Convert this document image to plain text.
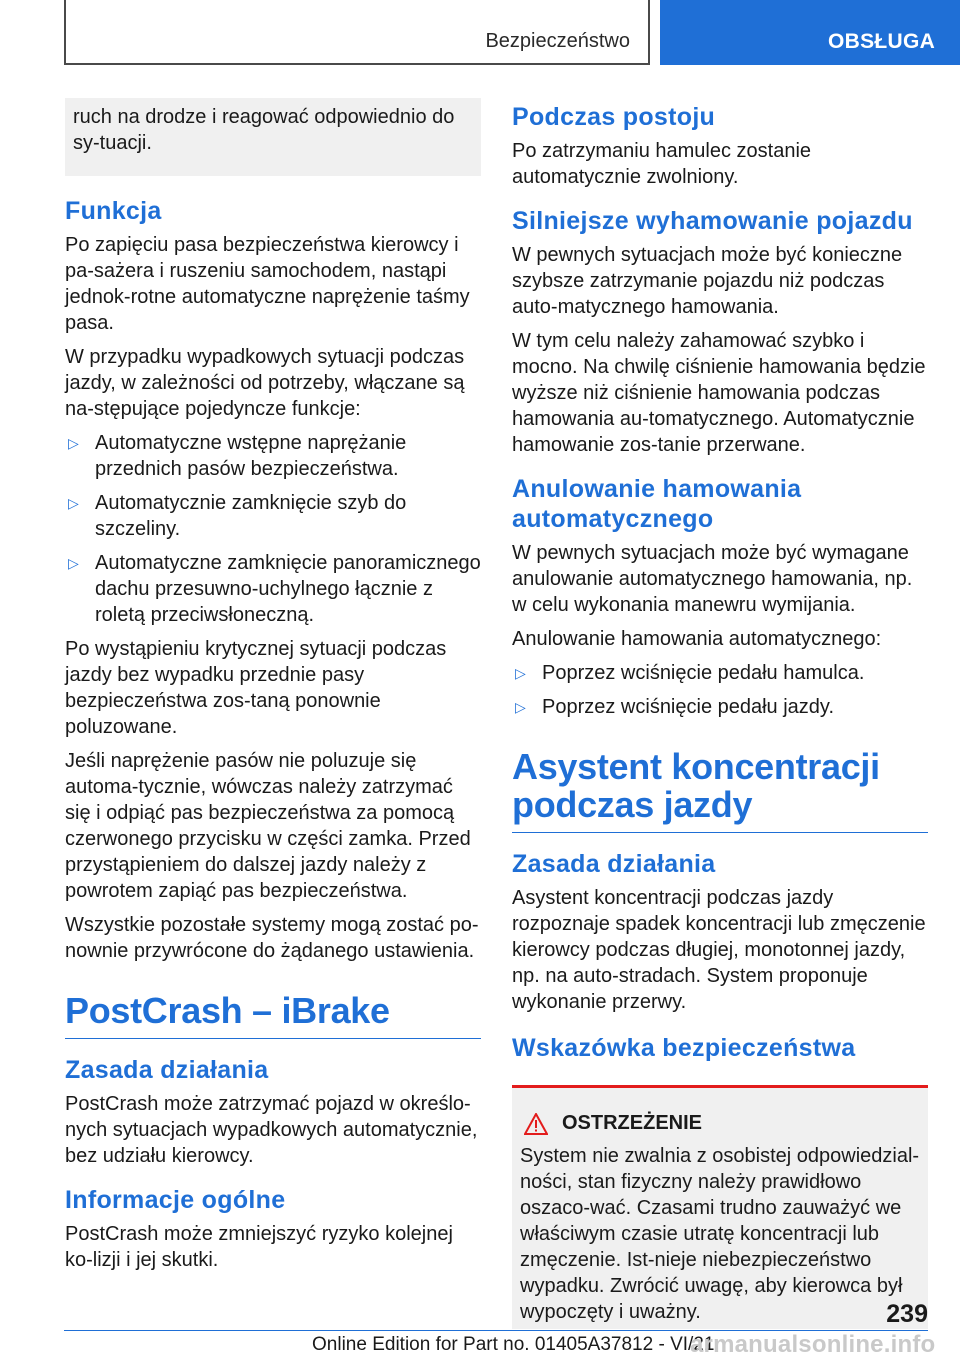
Bezpieczeństwo	OBSŁUGA

ruch na drodze i reagować odpowiednio do sy-tuacji.

Funkcja

Po zapięciu pasa bezpieczeństwa kierowcy i pa-sażera i ruszeniu samochodem, nastąpi jednok-rotne automatyczne naprężenie taśmy pasa.

W przypadku wypadkowych sytuacji podczas jazdy, w zależności od potrzeby, włączane są na-stępujące pojedyncze funkcje:

▷ Automatyczne wstępne naprężanie przednich pasów bezpieczeństwa.
▷ Automatycznie zamknięcie szyb do szczeliny.
▷ Automatyczne zamknięcie panoramicznego dachu przesuwno-uchylnego łącznie z roletą przeciwsłoneczną.

Po wystąpieniu krytycznej sytuacji podczas jazdy bez wypadku przednie pasy bezpieczeństwa zos-taną ponownie poluzowane.

Jeśli naprężenie pasów nie poluzuje się automa-tycznie, wówczas należy zatrzymać się i odpiąć pas bezpieczeństwa za pomocą czerwonego przycisku w części zamka. Przed przystąpieniem do dalszej jazdy należy z powrotem zapiąć pas bezpieczeństwa.

Wszystkie pozostałe systemy mogą zostać po-nownie przywrócone do żądanego ustawienia.

PostCrash – iBrake
Zasada działania

PostCrash może zatrzymać pojazd w określo-nych sytuacjach wypadkowych automatycznie, bez udziału kierowcy.

Informacje ogólne

PostCrash może zmniejszyć ryzyko kolejnej ko-lizji i jej skutki.

Podczas postoju

Po zatrzymaniu hamulec zostanie automatycznie zwolniony.

Silniejsze wyhamowanie pojazdu

W pewnych sytuacjach może być konieczne szybsze zatrzymanie pojazdu niż podczas auto-matycznego hamowania.

W tym celu należy zahamować szybko i mocno. Na chwilę ciśnienie hamowania będzie wyższe niż ciśnienie hamowania podczas hamowania au-tomatycznego. Automatycznie hamowanie zos-tanie przerwane.

Anulowanie hamowania automatycznego

W pewnych sytuacjach może być wymagane anulowanie automatycznego hamowania, np. w celu wykonania manewru wymijania.

Anulowanie hamowania automatycznego:

▷ Poprzez wciśnięcie pedału hamulca.
▷ Poprzez wciśnięcie pedału jazdy.
Asystent koncentracji podczas jazdy
Zasada działania

Asystent koncentracji podczas jazdy rozpoznaje spadek koncentracji lub zmęczenie kierowcy podczas długiej, monotonnej jazdy, np. na auto-stradach. System proponuje wykonanie przerwy.

Wskazówka bezpieczeństwa
OSTRZEŻENIE

System nie zwalnia z osobistej odpowiedzial-ności, stan fizyczny należy prawidłowo oszaco-wać. Czasami trudno zauważyć we właściwym czasie utratę koncentracji lub zmęczenie. Ist-nieje niebezpieczeństwo wypadku. Zwrócić uwagę, aby kierowca był wypoczęty i uważny.	239
Online Edition for Part no. 01405A37812 - VI/21
armanualsonline.info
